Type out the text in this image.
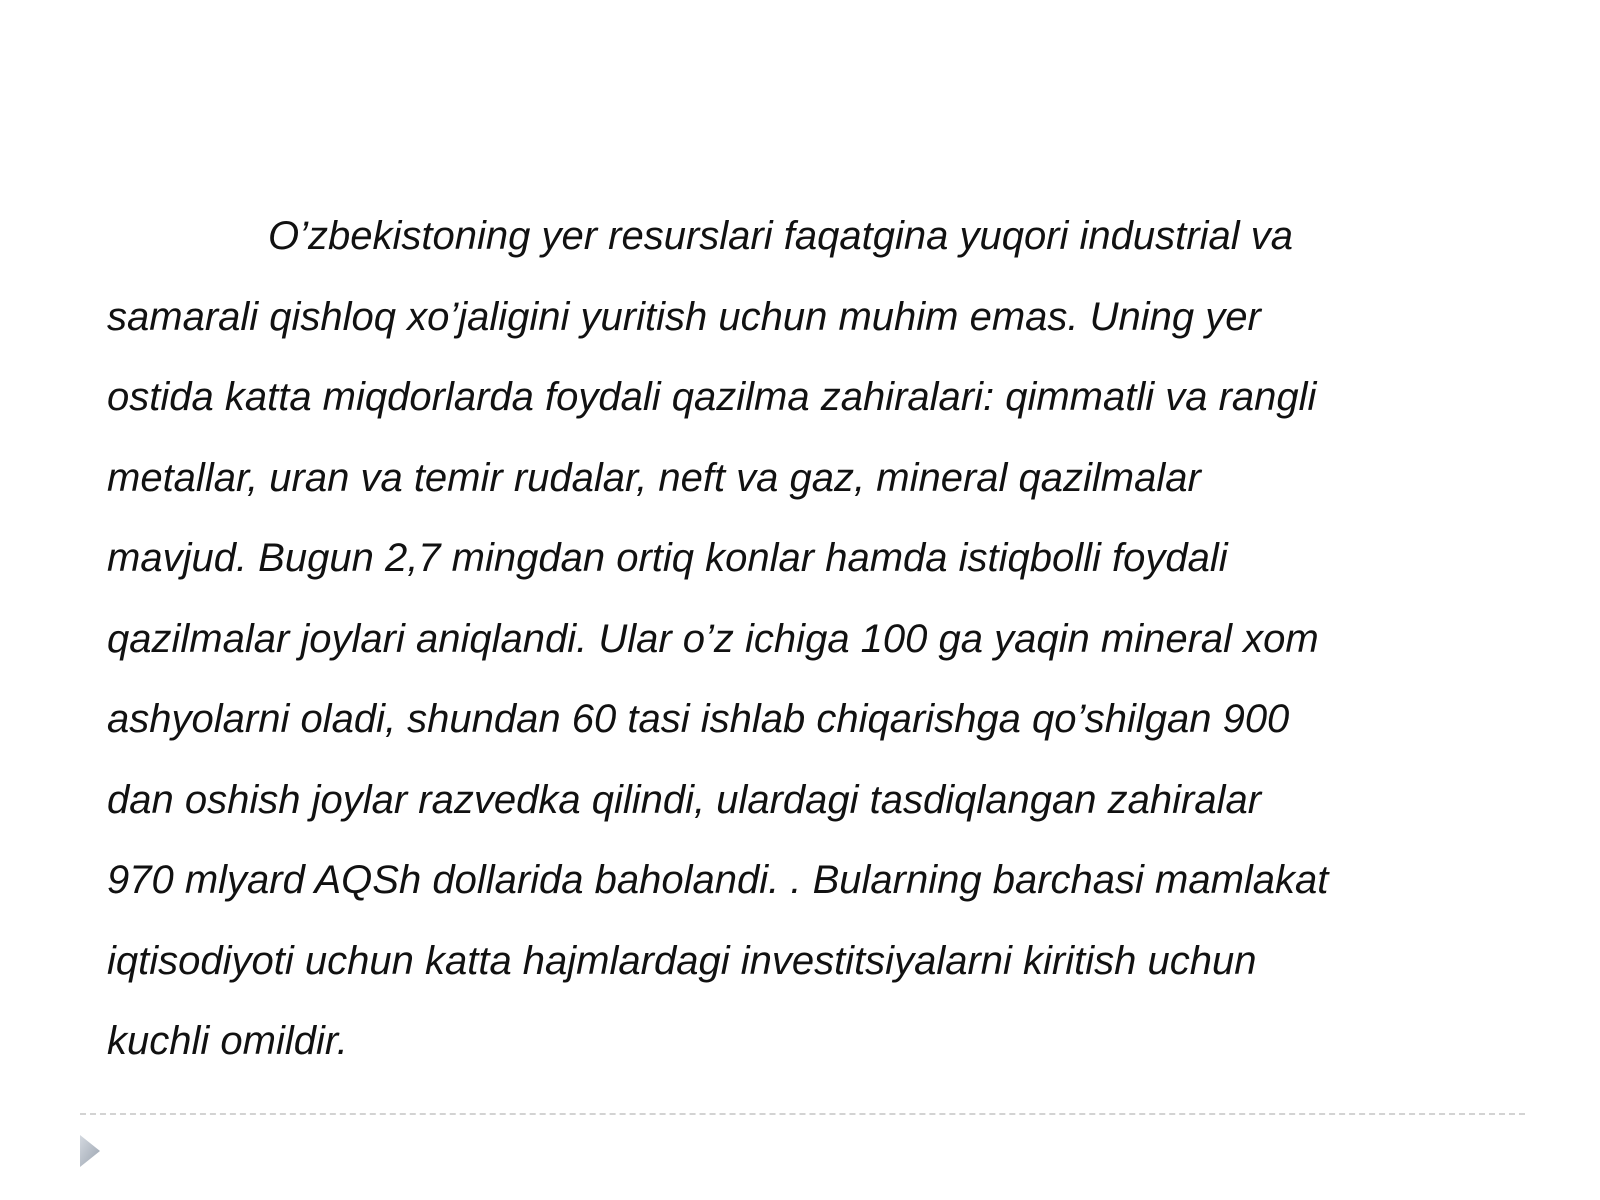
O’zbekistoning yer resurslari faqatgina yuqori industrial va
samarali qishloq xo’jaligini yuritish uchun muhim emas. Uning yer
ostida katta miqdorlarda foydali qazilma zahiralari: qimmatli va rangli
metallar, uran va temir rudalar, neft va gaz, mineral qazilmalar
mavjud. Bugun 2,7 mingdan ortiq konlar hamda istiqbolli foydali
qazilmalar joylari aniqlandi. Ular o’z ichiga 100 ga yaqin mineral xom
ashyolarni oladi, shundan 60 tasi ishlab chiqarishga qo’shilgan 900
dan oshish joylar razvedka qilindi, ulardagi tasdiqlangan zahiralar
970 mlyard AQSh dollarida baholandi. . Bularning barchasi mamlakat
iqtisodiyoti uchun katta hajmlardagi investitsiyalarni kiritish uchun
kuchli omildir.
